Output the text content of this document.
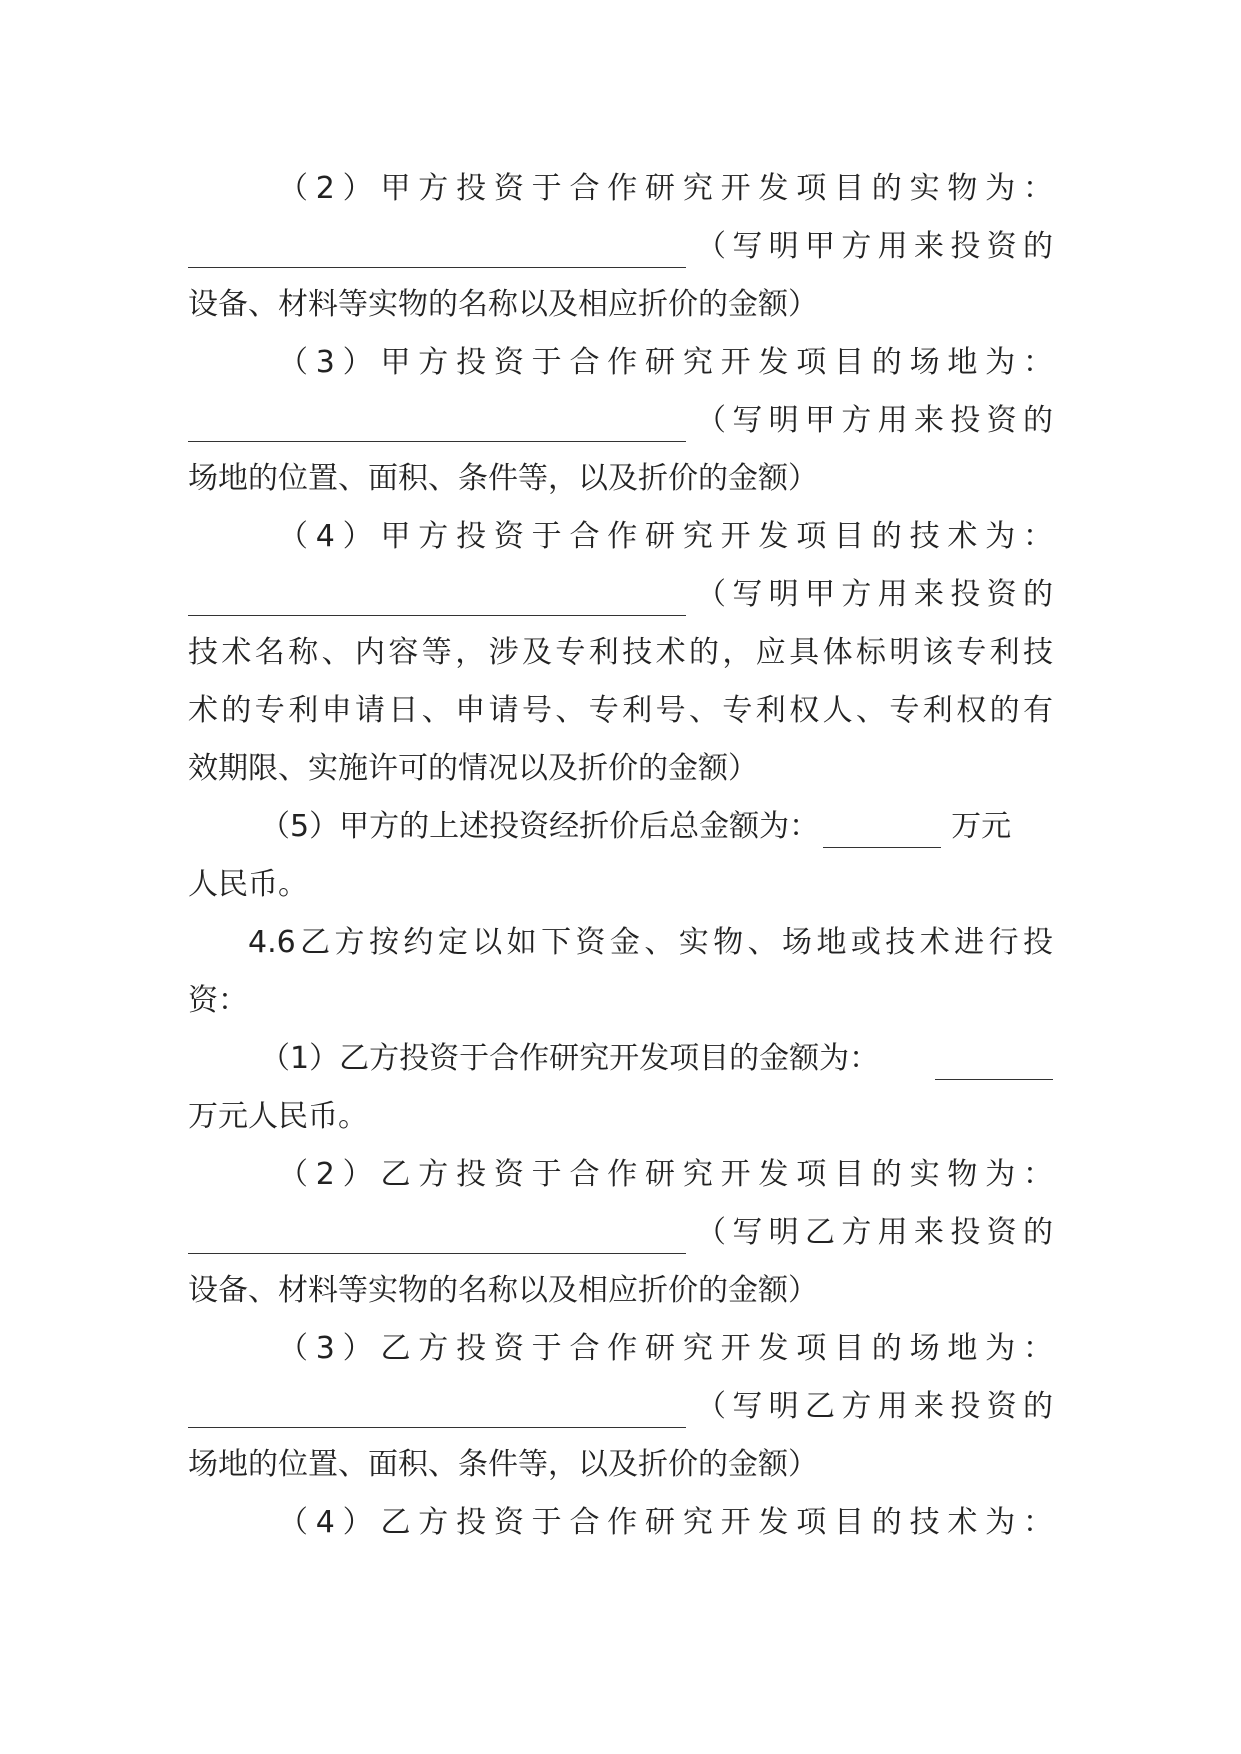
（2）甲方投资于合作研究开发项目的实物为：
（写明甲方用来投资的
设备、材料等实物的名称以及相应折价的金额）
（3）甲方投资于合作研究开发项目的场地为：
（写明甲方用来投资的
场地的位置、面积、条件等，以及折价的金额）
（4）甲方投资于合作研究开发项目的技术为：
（写明甲方用来投资的
技术名称、内容等，涉及专利技术的，应具体标明该专利技
术的专利申请日、申请号、专利号、专利权人、专利权的有
效期限、实施许可的情况以及折价的金额）
（5）甲方的上述投资经折价后总金额为：	万元
人民币。
4.6乙方按约定以如下资金、实物、场地或技术进行投
资：
（1）乙方投资于合作研究开发项目的金额为：
万元人民币。
（2）乙方投资于合作研究开发项目的实物为：
（写明乙方用来投资的
设备、材料等实物的名称以及相应折价的金额）
（3）乙方投资于合作研究开发项目的场地为：
（写明乙方用来投资的
场地的位置、面积、条件等，以及折价的金额）
（4）乙方投资于合作研究开发项目的技术为：
